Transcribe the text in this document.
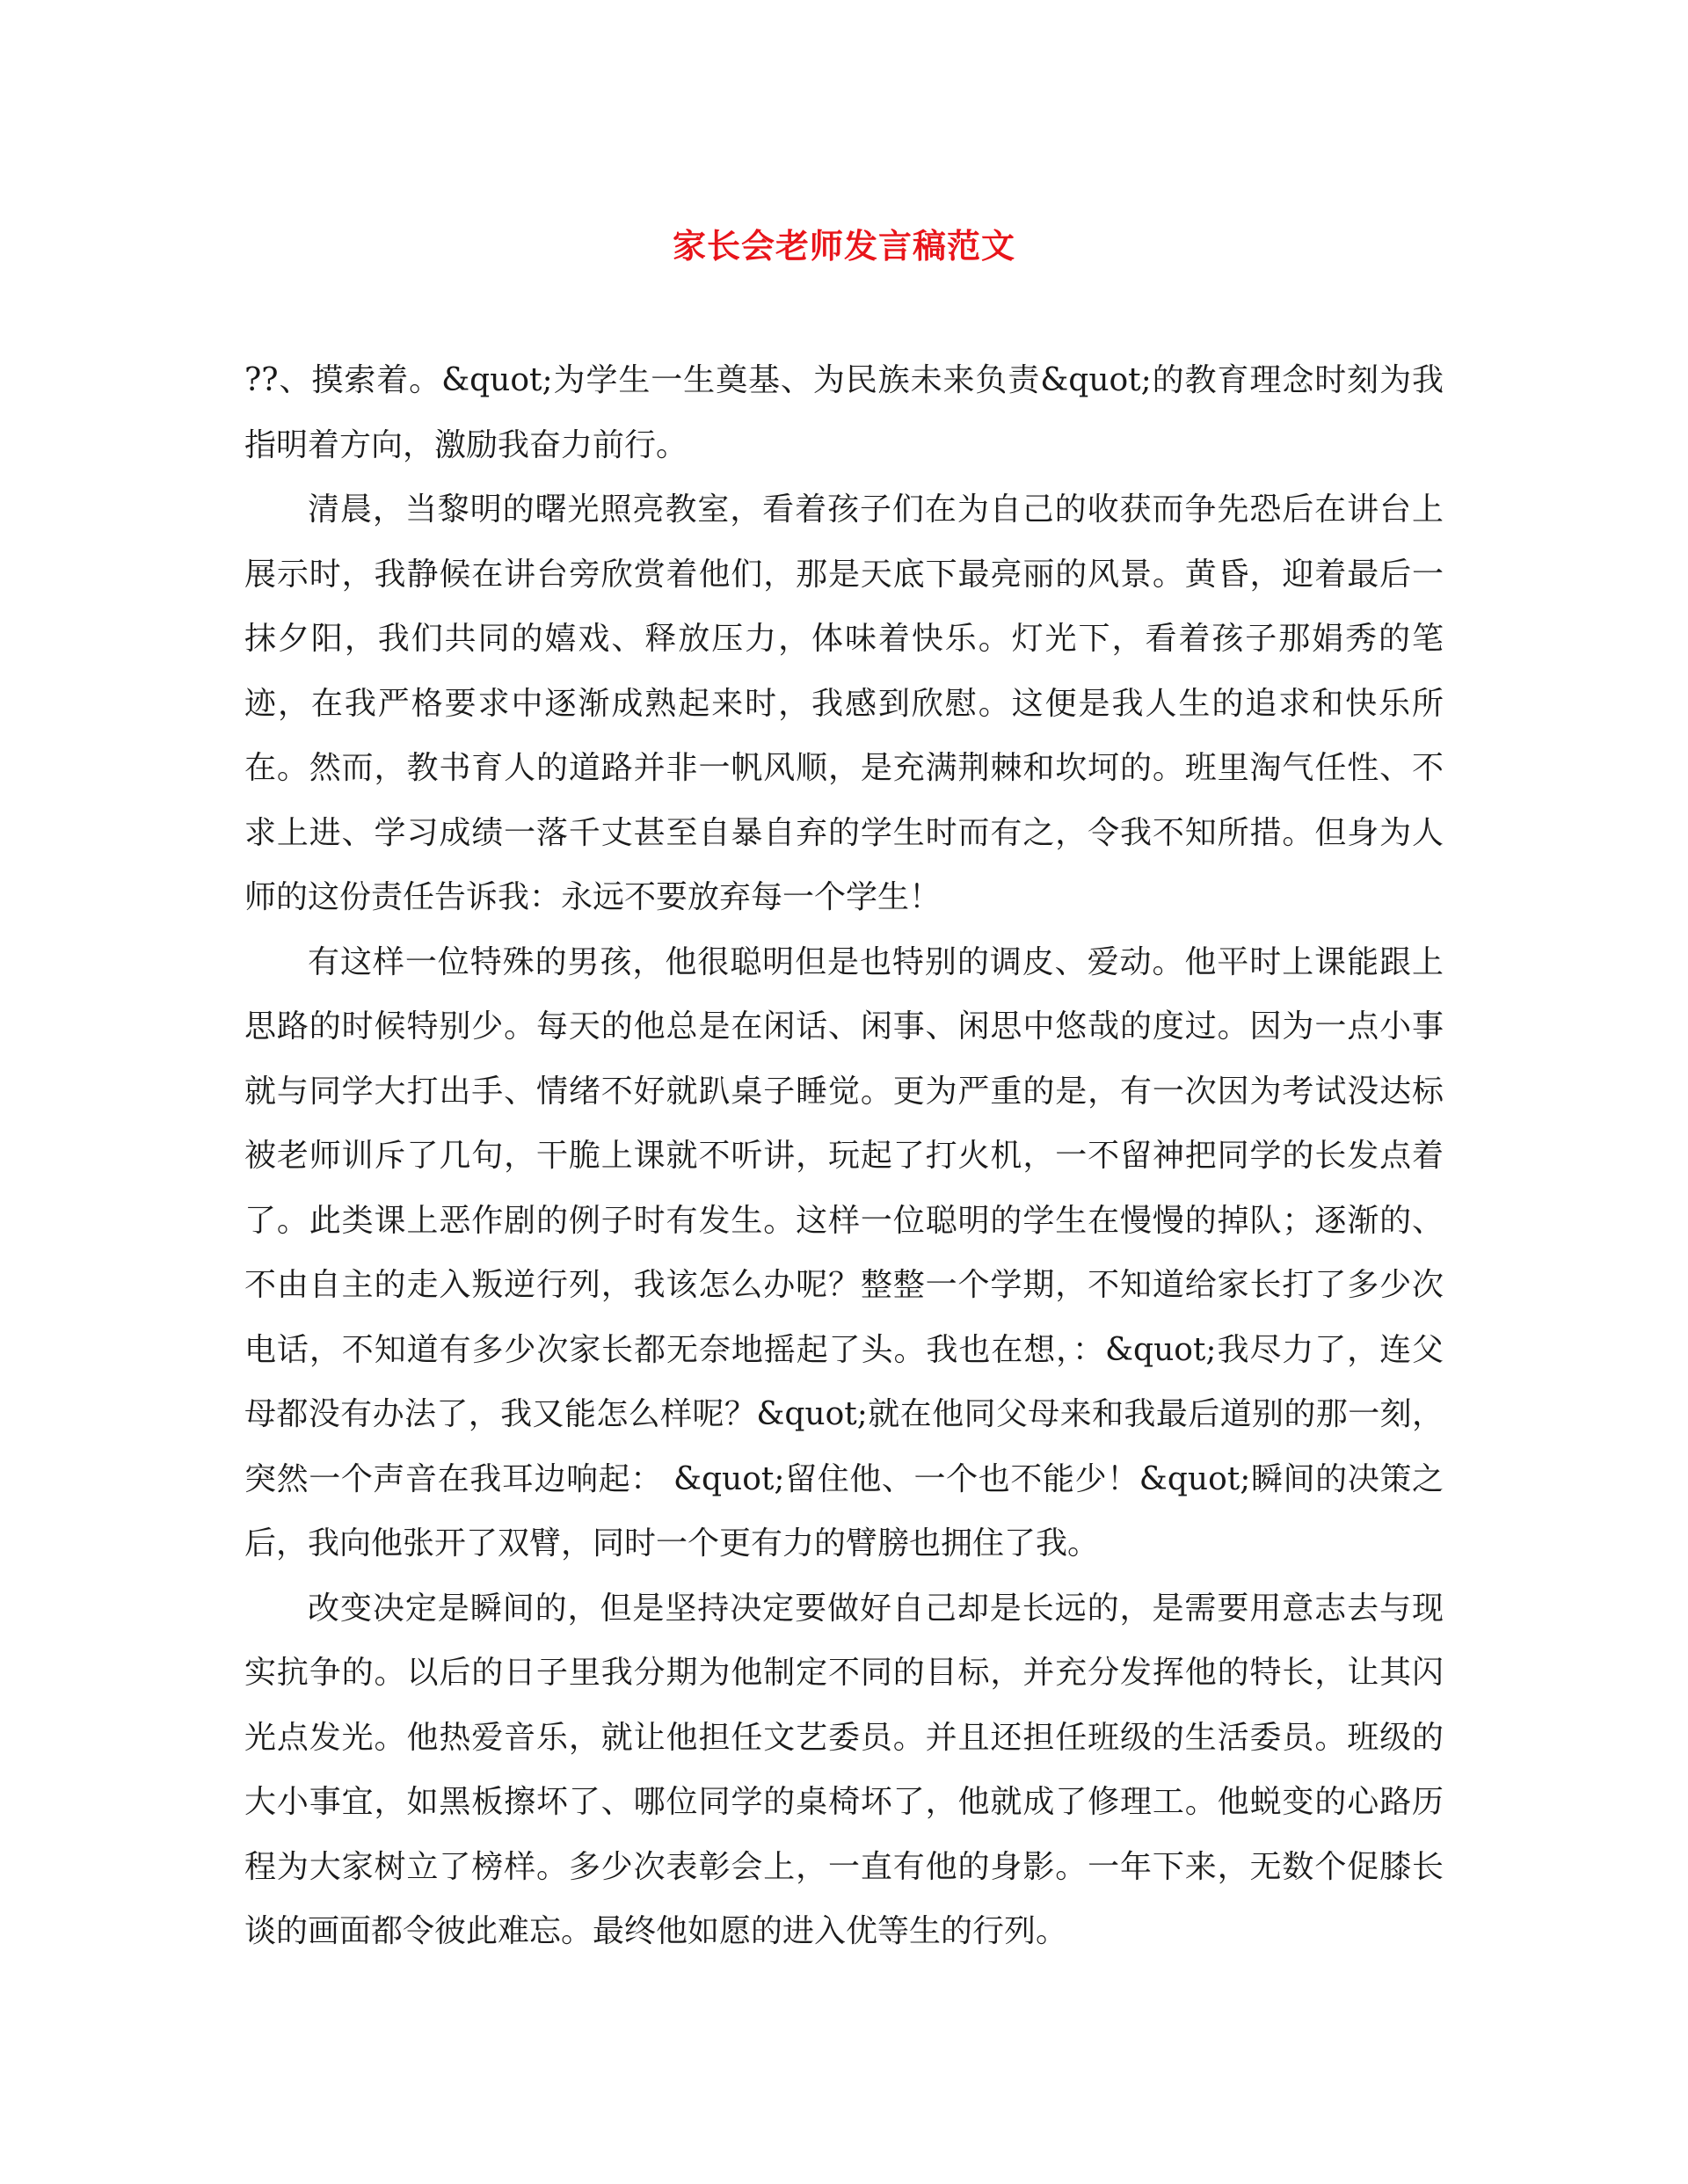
家长会老师发言稿范文

??、摸索着。&quot;为学生一生奠基、为民族未来负责&quot;的教育理念时刻为我指明着方向，激励我奋力前行。

清晨，当黎明的曙光照亮教室，看着孩子们在为自己的收获而争先恐后在讲台上展示时，我静候在讲台旁欣赏着他们，那是天底下最亮丽的风景。黄昏，迎着最后一抹夕阳，我们共同的嬉戏、释放压力，体味着快乐。灯光下，看着孩子那娟秀的笔迹，在我严格要求中逐渐成熟起来时，我感到欣慰。这便是我人生的追求和快乐所在。然而，教书育人的道路并非一帆风顺，是充满荆棘和坎坷的。班里淘气任性、不求上进、学习成绩一落千丈甚至自暴自弃的学生时而有之，令我不知所措。但身为人师的这份责任告诉我：永远不要放弃每一个学生！

有这样一位特殊的男孩，他很聪明但是也特别的调皮、爱动。他平时上课能跟上思路的时候特别少。每天的他总是在闲话、闲事、闲思中悠哉的度过。因为一点小事就与同学大打出手、情绪不好就趴桌子睡觉。更为严重的是，有一次因为考试没达标被老师训斥了几句，干脆上课就不听讲，玩起了打火机，一不留神把同学的长发点着了。此类课上恶作剧的例子时有发生。这样一位聪明的学生在慢慢的掉队；逐渐的、不由自主的走入叛逆行列，我该怎么办呢？整整一个学期，不知道给家长打了多少次电话，不知道有多少次家长都无奈地摇起了头。我也在想，：&quot;我尽力了，连父母都没有办法了，我又能怎么样呢？&quot;就在他同父母来和我最后道别的那一刻，突然一个声音在我耳边响起： &quot;留住他、一个也不能少！&quot;瞬间的决策之后，我向他张开了双臂，同时一个更有力的臂膀也拥住了我。

改变决定是瞬间的，但是坚持决定要做好自己却是长远的，是需要用意志去与现实抗争的。以后的日子里我分期为他制定不同的目标，并充分发挥他的特长，让其闪光点发光。他热爱音乐，就让他担任文艺委员。并且还担任班级的生活委员。班级的大小事宜，如黑板擦坏了、哪位同学的桌椅坏了，他就成了修理工。他蜕变的心路历程为大家树立了榜样。多少次表彰会上，一直有他的身影。一年下来，无数个促膝长谈的画面都令彼此难忘。最终他如愿的进入优等生的行列。
